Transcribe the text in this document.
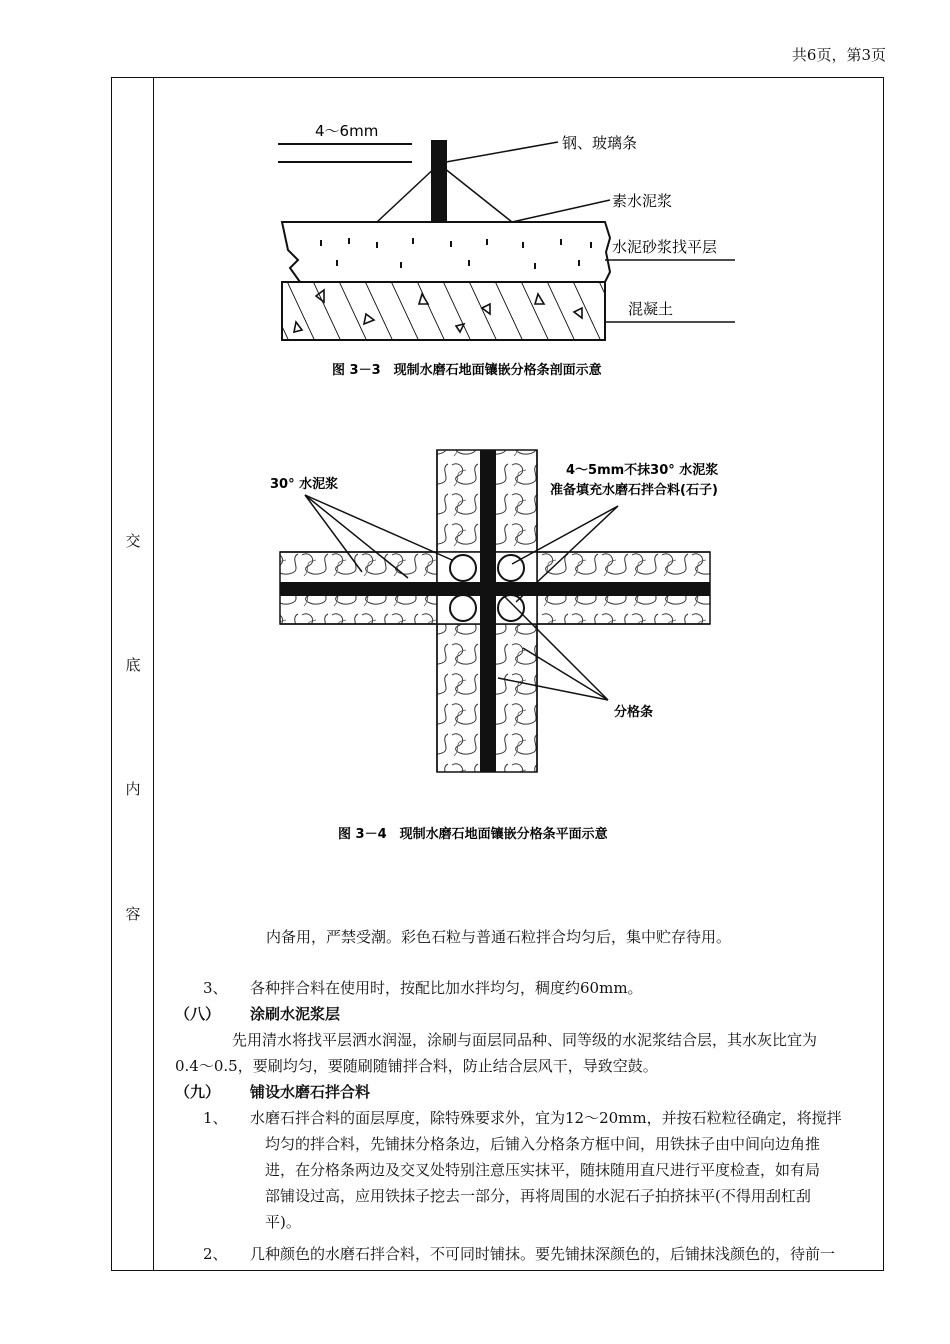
共6页，第3页
交
底
内
容
4～6mm
钢、玻璃条
素水泥浆
水泥砂浆找平层
混凝土
图 3－3　现制水磨石地面镶嵌分格条剖面示意
30° 水泥浆
4～5mm不抹30° 水泥浆
准备填充水磨石拌合料(石子)
分格条
图 3－4　现制水磨石地面镶嵌分格条平面示意
内备用，严禁受潮。彩色石粒与普通石粒拌合均匀后，集中贮存待用。
3、 各种拌合料在使用时，按配比加水拌均匀，稠度约60mm。
（八） 涂刷水泥浆层
先用清水将找平层洒水润湿，涂刷与面层同品种、同等级的水泥浆结合层，其水灰比宜为
0.4～0.5，要刷均匀，要随刷随铺拌合料，防止结合层风干，导致空鼓。
（九） 铺设水磨石拌合料
1、 水磨石拌合料的面层厚度，除特殊要求外，宜为12～20mm，并按石粒粒径确定，将搅拌
均匀的拌合料，先铺抹分格条边，后铺入分格条方框中间，用铁抹子由中间向边角推
进，在分格条两边及交叉处特别注意压实抹平，随抹随用直尺进行平度检查，如有局
部铺设过高，应用铁抹子挖去一部分，再将周围的水泥石子拍挤抹平(不得用刮杠刮
平)。
2、 几种颜色的水磨石拌合料，不可同时铺抹。要先铺抹深颜色的，后铺抹浅颜色的，待前一
